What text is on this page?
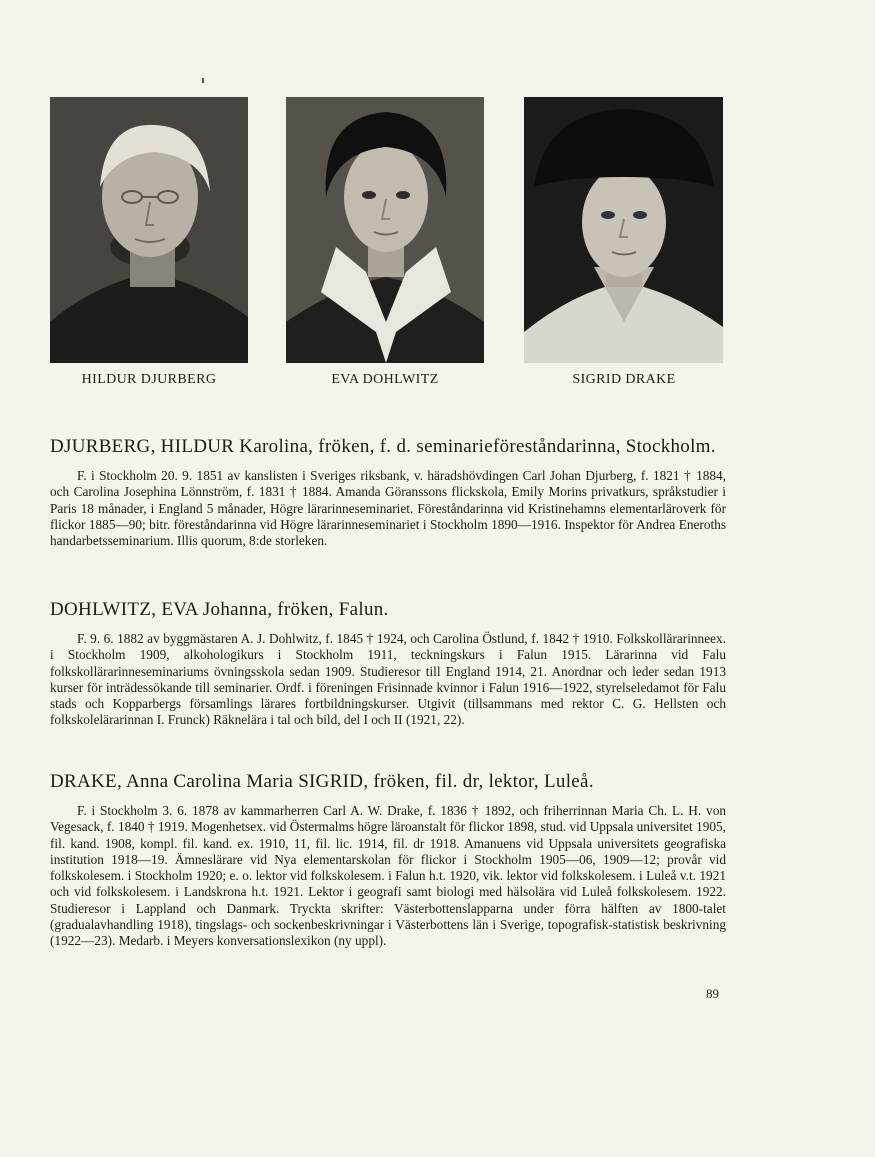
HILDUR DJURBERG	EVA DOHLWITZ	SIGRID DRAKE
DJURBERG, HILDUR Karolina, fröken, f. d. seminarieföreståndarinna, Stockholm.

F. i Stockholm 20. 9. 1851 av kanslisten i Sveriges riksbank, v. häradshövdingen Carl Johan Djurberg, f. 1821 † 1884, och Carolina Josephina Lönnström, f. 1831 † 1884. Amanda Göranssons flickskola, Emily Morins privatkurs, språkstudier i Paris 18 månader, i England 5 månader, Högre lärarinneseminariet. Föreståndarinna vid Kristinehamns elementarläroverk för flickor 1885—90; bitr. föreståndarinna vid Högre lärarinneseminariet i Stockholm 1890—1916. Inspektor för Andrea Eneroths handarbetsseminarium. Illis quorum, 8:de storleken.

DOHLWITZ, EVA Johanna, fröken, Falun.

F. 9. 6. 1882 av byggmästaren A. J. Dohlwitz, f. 1845 † 1924, och Carolina Östlund, f. 1842 † 1910. Folkskollärarinneex. i Stockholm 1909, alkohologikurs i Stockholm 1911, teckningskurs i Falun 1915. Lärarinna vid Falu folkskollärarinneseminariums övningsskola sedan 1909. Studieresor till England 1914, 21. Anordnar och leder sedan 1913 kurser för inträdessökande till seminarier. Ordf. i föreningen Frisinnade kvinnor i Falun 1916—1922, styrelseledamot för Falu stads och Kopparbergs församlings lärares fortbildningskurser. Utgivit (tillsammans med rektor C. G. Hellsten och folkskolelärarinnan I. Frunck) Räknelära i tal och bild, del I och II (1921, 22).

DRAKE, Anna Carolina Maria SIGRID, fröken, fil. dr, lektor, Luleå.

F. i Stockholm 3. 6. 1878 av kammarherren Carl A. W. Drake, f. 1836 † 1892, och friherrinnan Maria Ch. L. H. von Vegesack, f. 1840 † 1919. Mogenhetsex. vid Östermalms högre läroanstalt för flickor 1898, stud. vid Uppsala universitet 1905, fil. kand. 1908, kompl. fil. kand. ex. 1910, 11, fil. lic. 1914, fil. dr 1918. Amanuens vid Uppsala universitets geografiska institution 1918—19. Ämneslärare vid Nya elementarskolan för flickor i Stockholm 1905—06, 1909—12; provår vid folkskolesem. i Stockholm 1920; e. o. lektor vid folkskolesem. i Falun h.t. 1920, vik. lektor vid folkskolesem. i Luleå v.t. 1921 och vid folkskolesem. i Landskrona h.t. 1921. Lektor i geografi samt biologi med hälsolära vid Luleå folkskolesem. 1922. Studieresor i Lappland och Danmark. Tryckta skrifter: Västerbottenslapparna under förra hälften av 1800-talet (gradualavhandling 1918), tingslags- och sockenbeskrivningar i Västerbottens län i Sverige, topografisk-statistisk beskrivning (1922—23). Medarb. i Meyers konversationslexikon (ny uppl).

89
